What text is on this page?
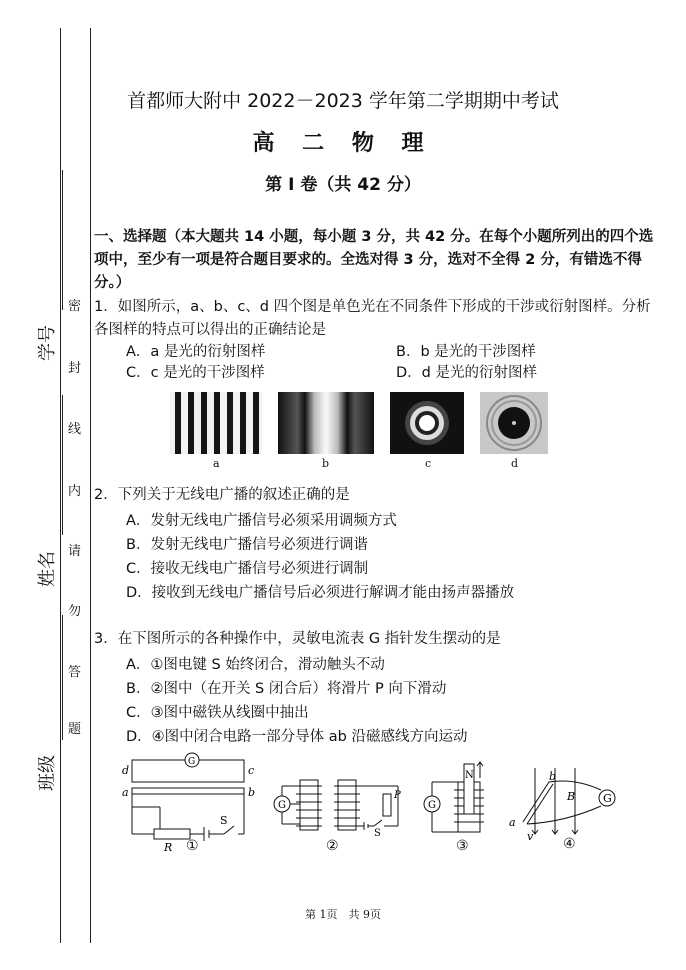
学号
姓名
班级
密
封
线
内
请
勿
答
题
首都师大附中 2022－2023 学年第二学期期中考试
高 二 物 理
第 I 卷（共 42 分）
一、选择题（本大题共 14 小题，每小题 3 分，共 42 分。在每个小题所列出的四个选项中，至少有一项是符合题目要求的。全选对得 3 分，选对不全得 2 分，有错选不得分。）
1．如图所示，a、b、c、d 四个图是单色光在不同条件下形成的干涉或衍射图样。分析各图样的特点可以得出的正确结论是
A．a 是光的衍射图样	B．b 是光的干涉图样
C．c 是光的干涉图样	D．d 是光的衍射图样
a	b	c	d
2．下列关于无线电广播的叙述正确的是
A．发射无线电广播信号必须采用调频方式
B．发射无线电广播信号必须进行调谐
C．接收无线电广播信号必须进行调制
D．接收到无线电广播信号后必须进行解调才能由扬声器播放
3．在下图所示的各种操作中，灵敏电流表 G 指针发生摆动的是
A．①图电键 S 始终闭合，滑动触头不动
B．②图中（在开关 S 闭合后）将滑片 P 向下滑动
C．③图中磁铁从线圈中抽出
D．④图中闭合电路一部分导体 ab 沿磁感线方向运动
G
d
a
c
b
R
S
①
G
P
S
②
G
N
③
G
b
a
B
v ④
第 1页　共 9页
